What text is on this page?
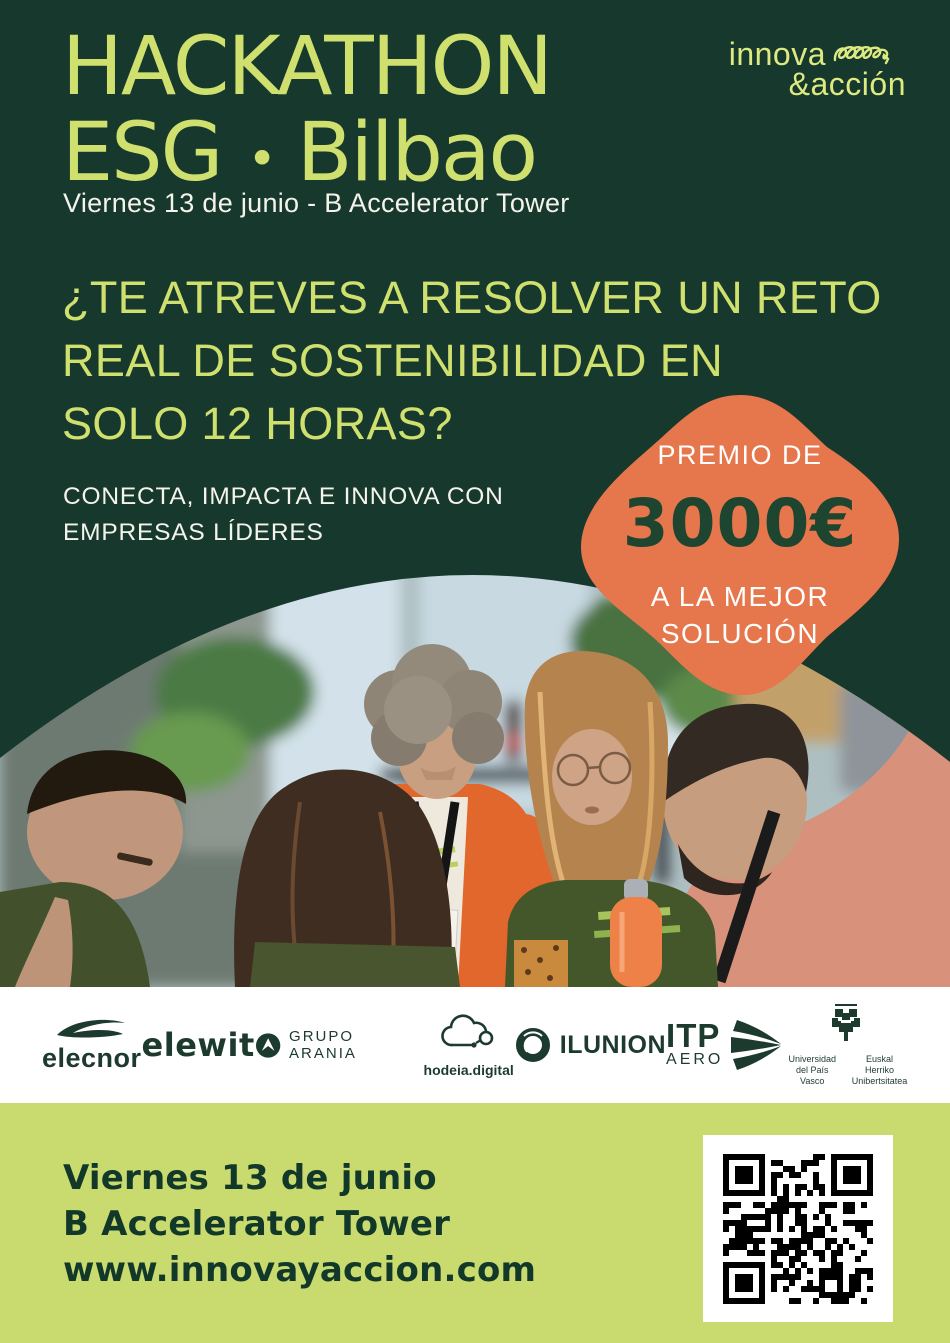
innova
&acción
HACKATHON
ESG • Bilbao
Viernes 13 de junio - B Accelerator Tower
¿TE ATREVES A RESOLVER UN RETO
REAL DE SOSTENIBILIDAD EN
SOLO 12 HORAS?
CONECTA, IMPACTA E INNOVA CON
EMPRESAS LÍDERES
PREMIO DE
3000€
A LA MEJOR
SOLUCIÓN
elecnor elewit GRUPO ARANIA
hodeia.digital
ILUNION ITP
AERO	Universidad
del País Vasco
Euskal Herriko
Unibertsitatea
Viernes 13 de junio
B Accelerator Tower
www.innovayaccion.com
